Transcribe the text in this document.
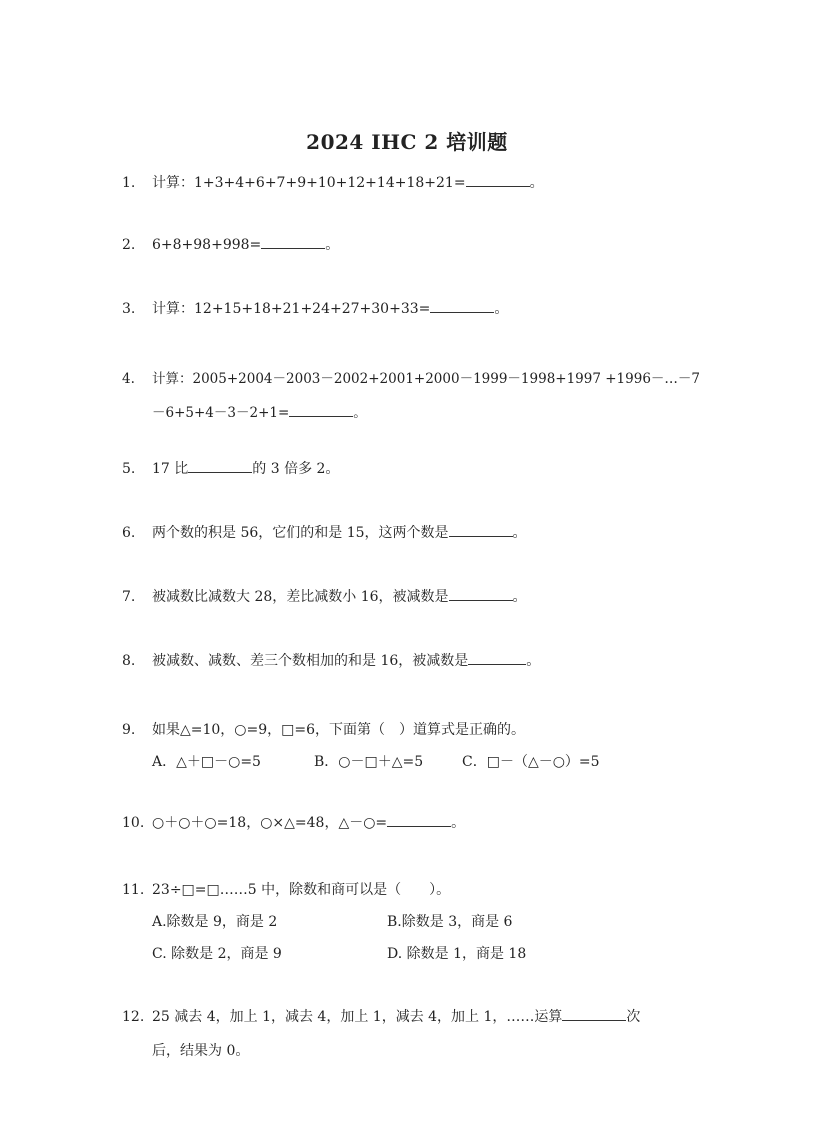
2024 IHC 2 培训题
1. 计算：1+3+4+6+7+9+10+12+14+18+21=	。
2. 6+8+98+998=	。
3. 计算：12+15+18+21+24+27+30+33=	。
4. 计算：2005+2004－2003－2002+2001+2000－1999－1998+1997 +1996－…－7
－6+5+4－3－2+1=	。
5. 17 比	的 3 倍多 2。
6. 两个数的积是 56，它们的和是 15，这两个数是	。
7. 被减数比减数大 28，差比减数小 16，被减数是	。
8. 被减数、减数、差三个数相加的和是 16，被减数是	。
9. 如果△=10，○=9，□=6，下面第（　）道算式是正确的。
A．△＋□－○=5	B．○－□＋△=5	C．□－（△－○）=5
10. ○＋○＋○=18，○×△=48，△－○=	。
11. 23÷□=□……5 中，除数和商可以是（　　）。
A.除数是 9，商是 2	B.除数是 3，商是 6
C. 除数是 2，商是 9	D. 除数是 1，商是 18
12. 25 减去 4，加上 1，减去 4，加上 1，减去 4，加上 1，……运算	次
后，结果为 0。
